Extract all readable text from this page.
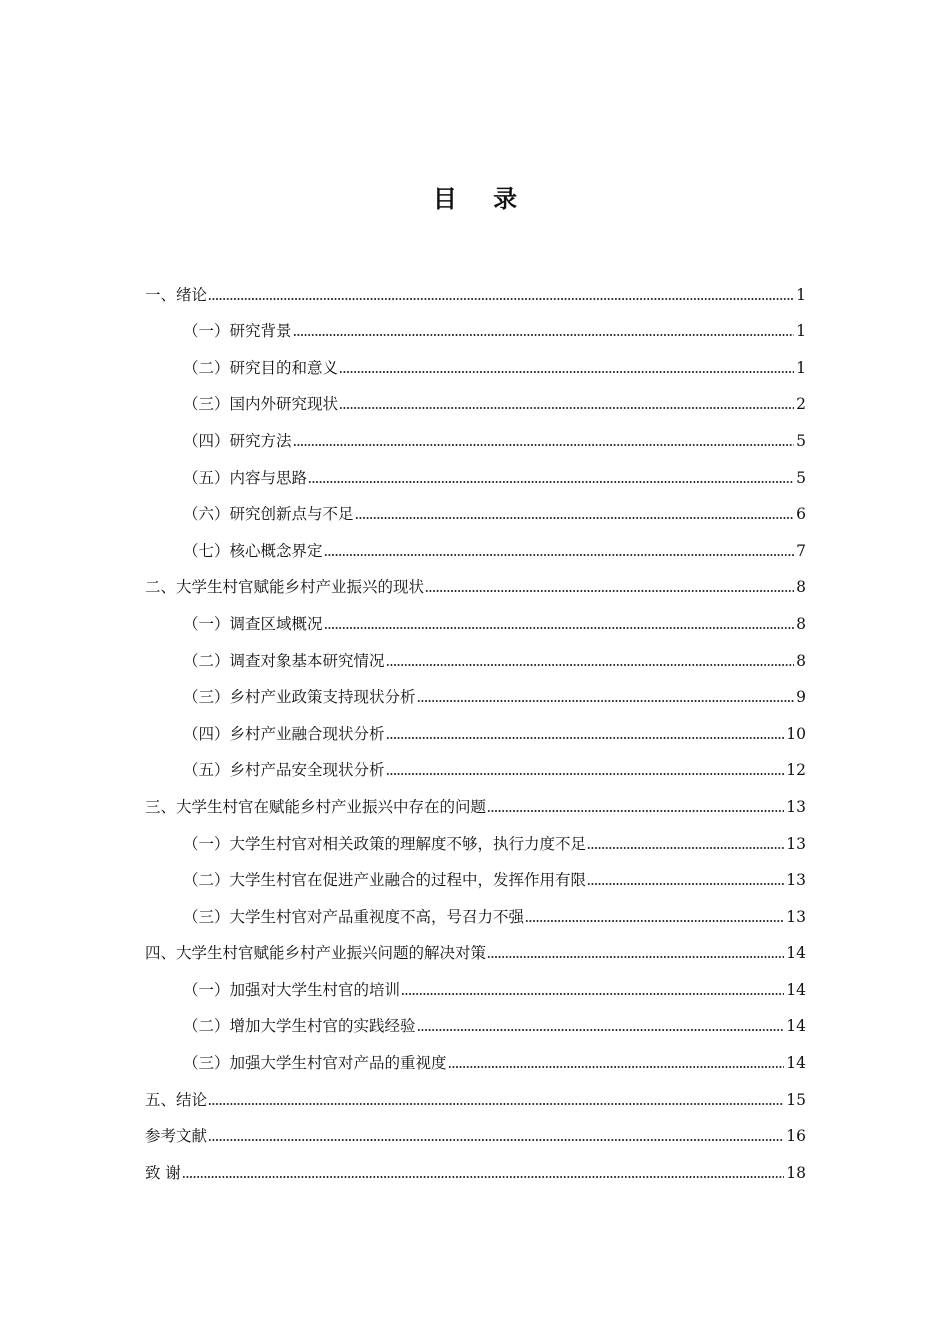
目 录
一、绪论	1
（一）研究背景	1
（二）研究目的和意义	1
（三）国内外研究现状	2
（四）研究方法	5
（五）内容与思路	5
（六）研究创新点与不足	6
（七）核心概念界定	7
二、大学生村官赋能乡村产业振兴的现状	8
（一）调查区域概况	8
（二）调查对象基本研究情况	8
（三）乡村产业政策支持现状分析	9
（四）乡村产业融合现状分析	10
（五）乡村产品安全现状分析	12
三、大学生村官在赋能乡村产业振兴中存在的问题	13
（一）大学生村官对相关政策的理解度不够，执行力度不足	13
（二）大学生村官在促进产业融合的过程中，发挥作用有限	13
（三）大学生村官对产品重视度不高，号召力不强	13
四、大学生村官赋能乡村产业振兴问题的解决对策	14
（一）加强对大学生村官的培训	14
（二）增加大学生村官的实践经验	14
（三）加强大学生村官对产品的重视度	14
五、结论	15
参考文献	16
致 谢	18
